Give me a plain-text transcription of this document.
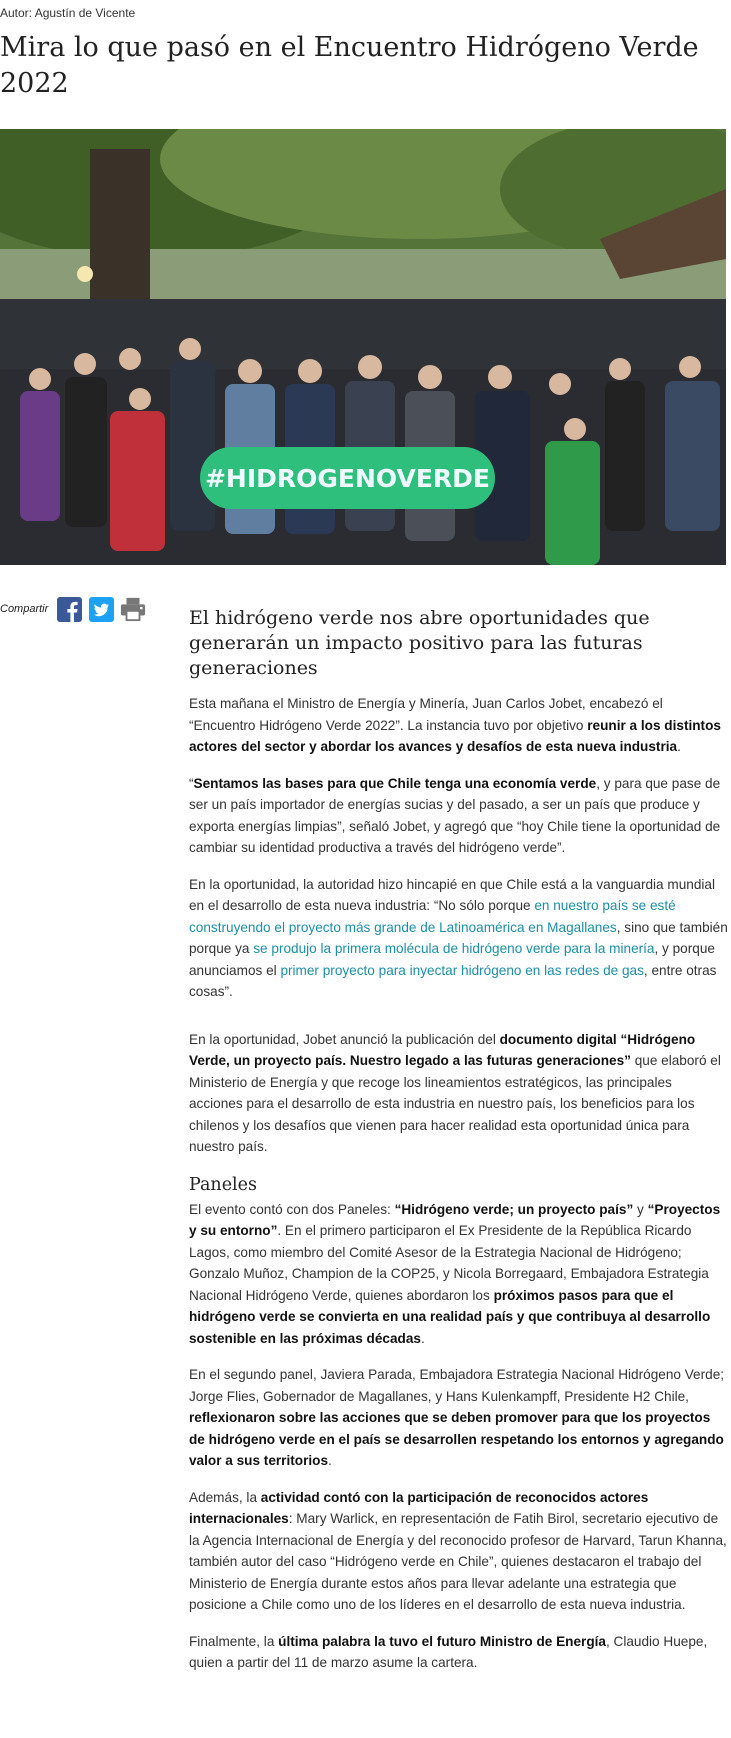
Autor: Agustín de Vicente
Mira lo que pasó en el Encuentro Hidrógeno Verde 2022
#HIDROGENOVERDE
Compartir	El hidrógeno verde nos abre oportunidades que generarán un impacto positivo para las futuras generaciones

Esta mañana el Ministro de Energía y Minería, Juan Carlos Jobet, encabezó el “Encuentro Hidrógeno Verde 2022”. La instancia tuvo por objetivo reunir a los distintos actores del sector y abordar los avances y desafíos de esta nueva industria.

“Sentamos las bases para que Chile tenga una economía verde, y para que pase de ser un país importador de energías sucias y del pasado, a ser un país que produce y exporta energías limpias”, señaló Jobet, y agregó que “hoy Chile tiene la oportunidad de cambiar su identidad productiva a través del hidrógeno verde”.

En la oportunidad, la autoridad hizo hincapié en que Chile está a la vanguardia mundial en el desarrollo de esta nueva industria: “No sólo porque en nuestro país se esté construyendo el proyecto más grande de Latinoamérica en Magallanes, sino que también porque ya se produjo la primera molécula de hidrógeno verde para la minería, y porque anunciamos el primer proyecto para inyectar hidrógeno en las redes de gas, entre otras cosas”.

En la oportunidad, Jobet anunció la publicación del documento digital “Hidrógeno Verde, un proyecto país. Nuestro legado a las futuras generaciones” que elaboró el Ministerio de Energía y que recoge los lineamientos estratégicos, las principales acciones para el desarrollo de esta industria en nuestro país, los beneficios para los chilenos y los desafíos que vienen para hacer realidad esta oportunidad única para nuestro país.

Paneles

El evento contó con dos Paneles: “Hidrógeno verde; un proyecto país” y “Proyectos y su entorno”. En el primero participaron el Ex Presidente de la República Ricardo Lagos, como miembro del Comité Asesor de la Estrategia Nacional de Hidrógeno; Gonzalo Muñoz, Champion de la COP25, y Nicola Borregaard, Embajadora Estrategia Nacional Hidrógeno Verde, quienes abordaron los próximos pasos para que el hidrógeno verde se convierta en una realidad país y que contribuya al desarrollo sostenible en las próximas décadas.

En el segundo panel, Javiera Parada, Embajadora Estrategia Nacional Hidrógeno Verde; Jorge Flies, Gobernador de Magallanes, y Hans Kulenkampff, Presidente H2 Chile, reflexionaron sobre las acciones que se deben promover para que los proyectos de hidrógeno verde en el país se desarrollen respetando los entornos y agregando valor a sus territorios.

Además, la actividad contó con la participación de reconocidos actores internacionales: Mary Warlick, en representación de Fatih Birol, secretario ejecutivo de la Agencia Internacional de Energía y del reconocido profesor de Harvard, Tarun Khanna, también autor del caso “Hidrógeno verde en Chile”, quienes destacaron el trabajo del Ministerio de Energía durante estos años para llevar adelante una estrategia que posicione a Chile como uno de los líderes en el desarrollo de esta nueva industria.

Finalmente, la última palabra la tuvo el futuro Ministro de Energía, Claudio Huepe, quien a partir del 11 de marzo asume la cartera.
